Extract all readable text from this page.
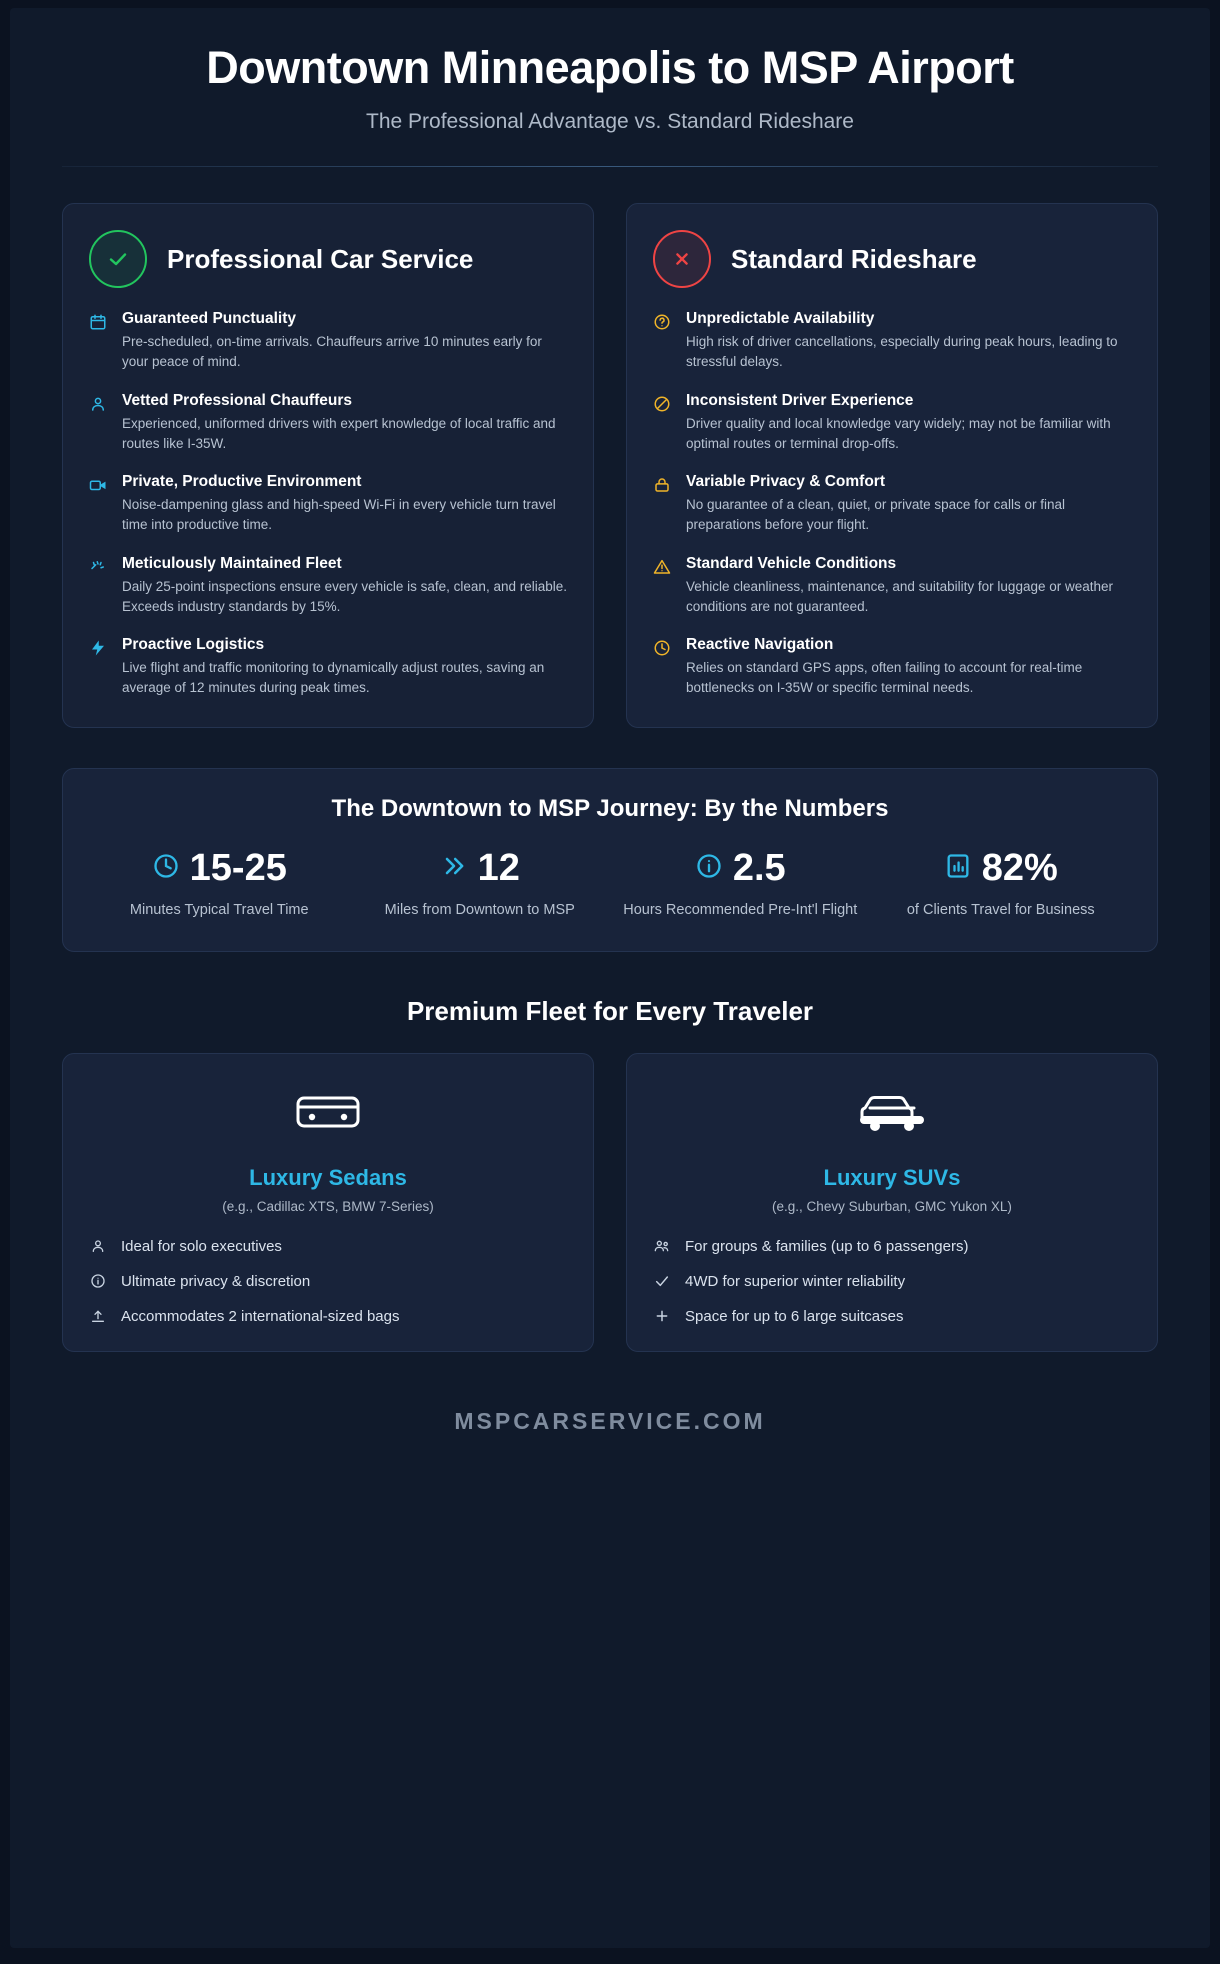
Downtown Minneapolis to MSP Airport
The Professional Advantage vs. Standard Rideshare
Professional Car Service
Guaranteed Punctuality

Pre-scheduled, on-time arrivals. Chauffeurs arrive 10 minutes early for your peace of mind.

Vetted Professional Chauffeurs

Experienced, uniformed drivers with expert knowledge of local traffic and routes like I-35W.

Private, Productive Environment

Noise-dampening glass and high-speed Wi-Fi in every vehicle turn travel time into productive time.

Meticulously Maintained Fleet

Daily 25-point inspections ensure every vehicle is safe, clean, and reliable. Exceeds industry standards by 15%.

Proactive Logistics

Live flight and traffic monitoring to dynamically adjust routes, saving an average of 12 minutes during peak times.

Standard Rideshare
Unpredictable Availability

High risk of driver cancellations, especially during peak hours, leading to stressful delays.

Inconsistent Driver Experience

Driver quality and local knowledge vary widely; may not be familiar with optimal routes or terminal drop-offs.

Variable Privacy & Comfort

No guarantee of a clean, quiet, or private space for calls or final preparations before your flight.

Standard Vehicle Conditions

Vehicle cleanliness, maintenance, and suitability for luggage or weather conditions are not guaranteed.

Reactive Navigation

Relies on standard GPS apps, often failing to account for real-time bottlenecks on I-35W or specific terminal needs.

The Downtown to MSP Journey: By the Numbers
15-25
Minutes Typical Travel Time
12
Miles from Downtown to MSP
2.5
Hours Recommended Pre-Int'l Flight
82%
of Clients Travel for Business
Premium Fleet for Every Traveler
Luxury Sedans
(e.g., Cadillac XTS, BMW 7-Series)
Ideal for solo executives
Ultimate privacy & discretion
Accommodates 2 international-sized bags
Luxury SUVs
(e.g., Chevy Suburban, GMC Yukon XL)
For groups & families (up to 6 passengers)
4WD for superior winter reliability
Space for up to 6 large suitcases
MSPCARSERVICE.COM
